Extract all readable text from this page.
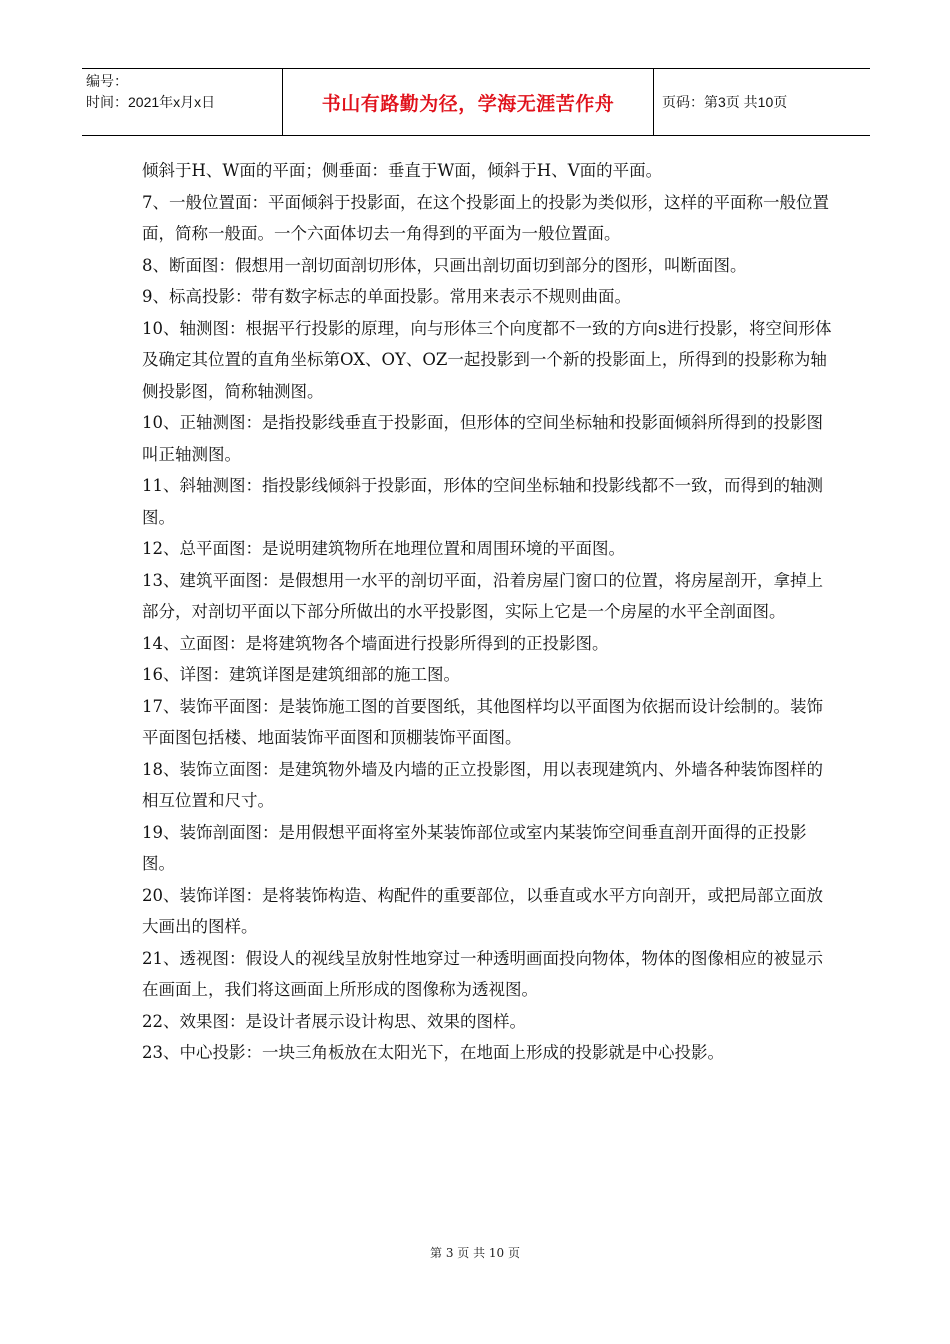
编号：
时间：2021年x月x日	书山有路勤为径，学海无涯苦作舟	页码：第3页 共10页

倾斜于H、W面的平面；侧垂面：垂直于W面，倾斜于H、V面的平面。

7、一般位置面：平面倾斜于投影面，在这个投影面上的投影为类似形，这样的平面称一般位置面，简称一般面。一个六面体切去一角得到的平面为一般位置面。

8、断面图：假想用一剖切面剖切形体，只画出剖切面切到部分的图形，叫断面图。

9、标高投影：带有数字标志的单面投影。常用来表示不规则曲面。

10、轴测图：根据平行投影的原理，向与形体三个向度都不一致的方向s进行投影，将空间形体及确定其位置的直角坐标第OX、OY、OZ一起投影到一个新的投影面上，所得到的投影称为轴侧投影图，简称轴测图。

10、正轴测图：是指投影线垂直于投影面，但形体的空间坐标轴和投影面倾斜所得到的投影图叫正轴测图。

11、斜轴测图：指投影线倾斜于投影面，形体的空间坐标轴和投影线都不一致，而得到的轴测图。

12、总平面图：是说明建筑物所在地理位置和周围环境的平面图。

13、建筑平面图：是假想用一水平的剖切平面，沿着房屋门窗口的位置，将房屋剖开，拿掉上部分，对剖切平面以下部分所做出的水平投影图，实际上它是一个房屋的水平全剖面图。

14、立面图：是将建筑物各个墙面进行投影所得到的正投影图。

16、详图：建筑详图是建筑细部的施工图。

17、装饰平面图：是装饰施工图的首要图纸，其他图样均以平面图为依据而设计绘制的。装饰平面图包括楼、地面装饰平面图和顶棚装饰平面图。

18、装饰立面图：是建筑物外墙及内墙的正立投影图，用以表现建筑内、外墙各种装饰图样的相互位置和尺寸。

19、装饰剖面图：是用假想平面将室外某装饰部位或室内某装饰空间垂直剖开面得的正投影图。

20、装饰详图：是将装饰构造、构配件的重要部位，以垂直或水平方向剖开，或把局部立面放大画出的图样。

21、透视图：假设人的视线呈放射性地穿过一种透明画面投向物体，物体的图像相应的被显示在画面上，我们将这画面上所形成的图像称为透视图。

22、效果图：是设计者展示设计构思、效果的图样。

23、中心投影：一块三角板放在太阳光下，在地面上形成的投影就是中心投影。

第 3 页 共 10 页
